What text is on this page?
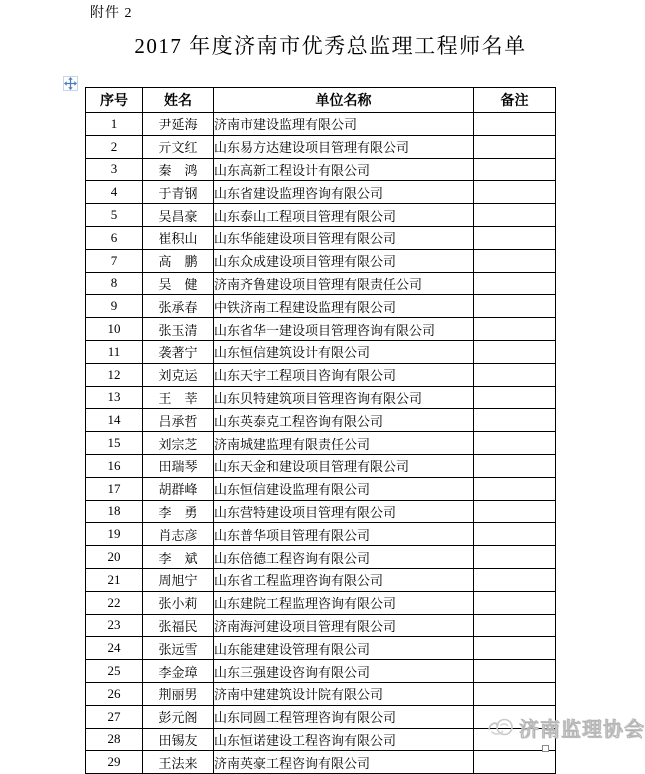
附件 2
2017 年度济南市优秀总监理工程师名单
序号	姓名	单位名称	备注
1	尹延海	济南市建设监理有限公司	
2	亓文红	山东易方达建设项目管理有限公司	
3	秦　鸿	山东高新工程设计有限公司	
4	于青钢	山东省建设监理咨询有限公司	
5	吴昌豪	山东泰山工程项目管理有限公司	
6	崔积山	山东华能建设项目管理有限公司	
7	高　鹏	山东众成建设项目管理有限公司	
8	吴　健	济南齐鲁建设项目管理有限责任公司	
9	张承春	中铁济南工程建设监理有限公司	
10	张玉清	山东省华一建设项目管理咨询有限公司	
11	袭著宁	山东恒信建筑设计有限公司	
12	刘克运	山东天宇工程项目咨询有限公司	
13	王　莘	山东贝特建筑项目管理咨询有限公司	
14	吕承哲	山东英泰克工程咨询有限公司	
15	刘宗芝	济南城建监理有限责任公司	
16	田瑞琴	山东天金和建设项目管理有限公司	
17	胡群峰	山东恒信建设监理有限公司	
18	李　勇	山东营特建设项目管理有限公司	
19	肖志彦	山东普华项目管理有限公司	
20	李　斌	山东倍德工程咨询有限公司	
21	周旭宁	山东省工程监理咨询有限公司	
22	张小莉	山东建院工程监理咨询有限公司	
23	张福民	济南海河建设项目管理有限公司	
24	张远雪	山东能建建设管理有限公司	
25	李金璋	山东三强建设咨询有限公司	
26	荆丽男	济南中建建筑设计院有限公司	
27	彭元阁	山东同圆工程管理咨询有限公司	
28	田锡友	山东恒诺建设工程咨询有限公司	
29	王法来	济南英豪工程咨询有限公司	
济南监理协会
